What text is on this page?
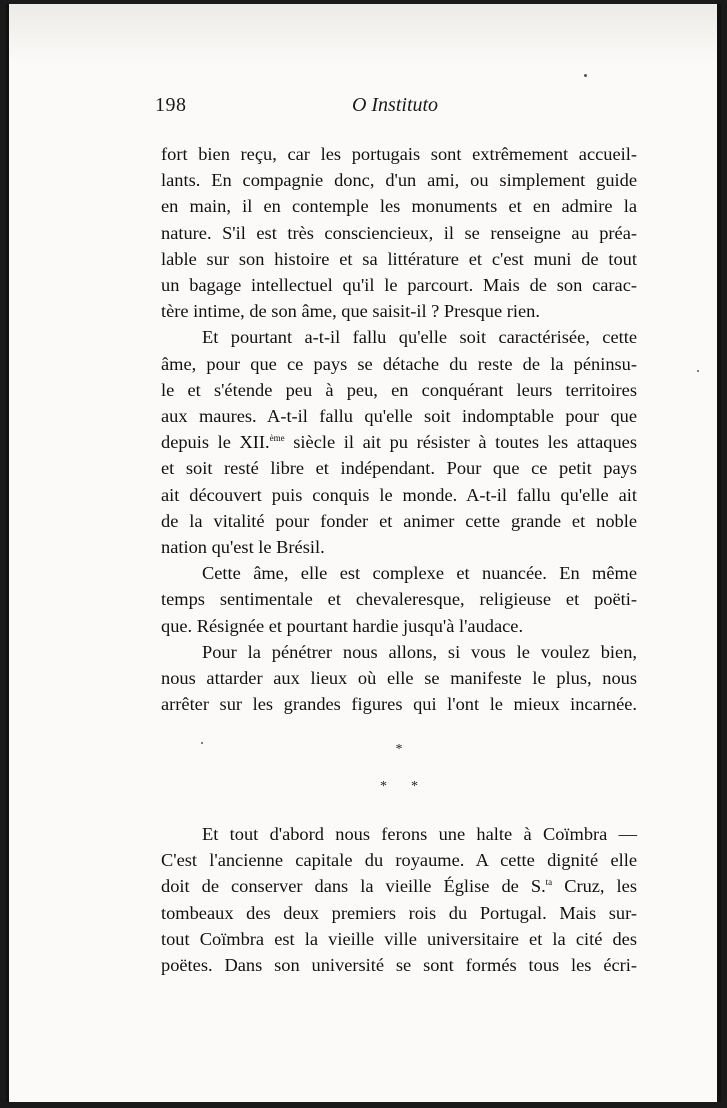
198	O Instituto
fort bien reçu, car les portugais sont extrêmement accueil-
lants. En compagnie donc, d'un ami, ou simplement guide
en main, il en contemple les monuments et en admire la
nature. S'il est très consciencieux, il se renseigne au préa-
lable sur son histoire et sa littérature et c'est muni de tout
un bagage intellectuel qu'il le parcourt. Mais de son carac-
tère intime, de son âme, que saisit-il ? Presque rien.
Et pourtant a-t-il fallu qu'elle soit caractérisée, cette
âme, pour que ce pays se détache du reste de la péninsu-
le et s'étende peu à peu, en conquérant leurs territoires
aux maures. A-t-il fallu qu'elle soit indomptable pour que
depuis le XII.$^{ème}$ siècle il ait pu résister à toutes les attaques
et soit resté libre et indépendant. Pour que ce petit pays
ait découvert puis conquis le monde. A-t-il fallu qu'elle ait
de la vitalité pour fonder et animer cette grande et noble
nation qu'est le Brésil.
Cette âme, elle est complexe et nuancée. En même
temps sentimentale et chevaleresque, religieuse et poëti-
que. Résignée et pourtant hardie jusqu'à l'audace.
Pour la pénétrer nous allons, si vous le voulez bien,
nous attarder aux lieux où elle se manifeste le plus, nous
arrêter sur les grandes figures qui l'ont le mieux incarnée.
*
* *
Et tout d'abord nous ferons une halte à Coïmbra —
C'est l'ancienne capitale du royaume. A cette dignité elle
doit de conserver dans la vieille Église de S.$^{ta}$ Cruz, les
tombeaux des deux premiers rois du Portugal. Mais sur-
tout Coïmbra est la vieille ville universitaire et la cité des
poëtes. Dans son université se sont formés tous les écri-
